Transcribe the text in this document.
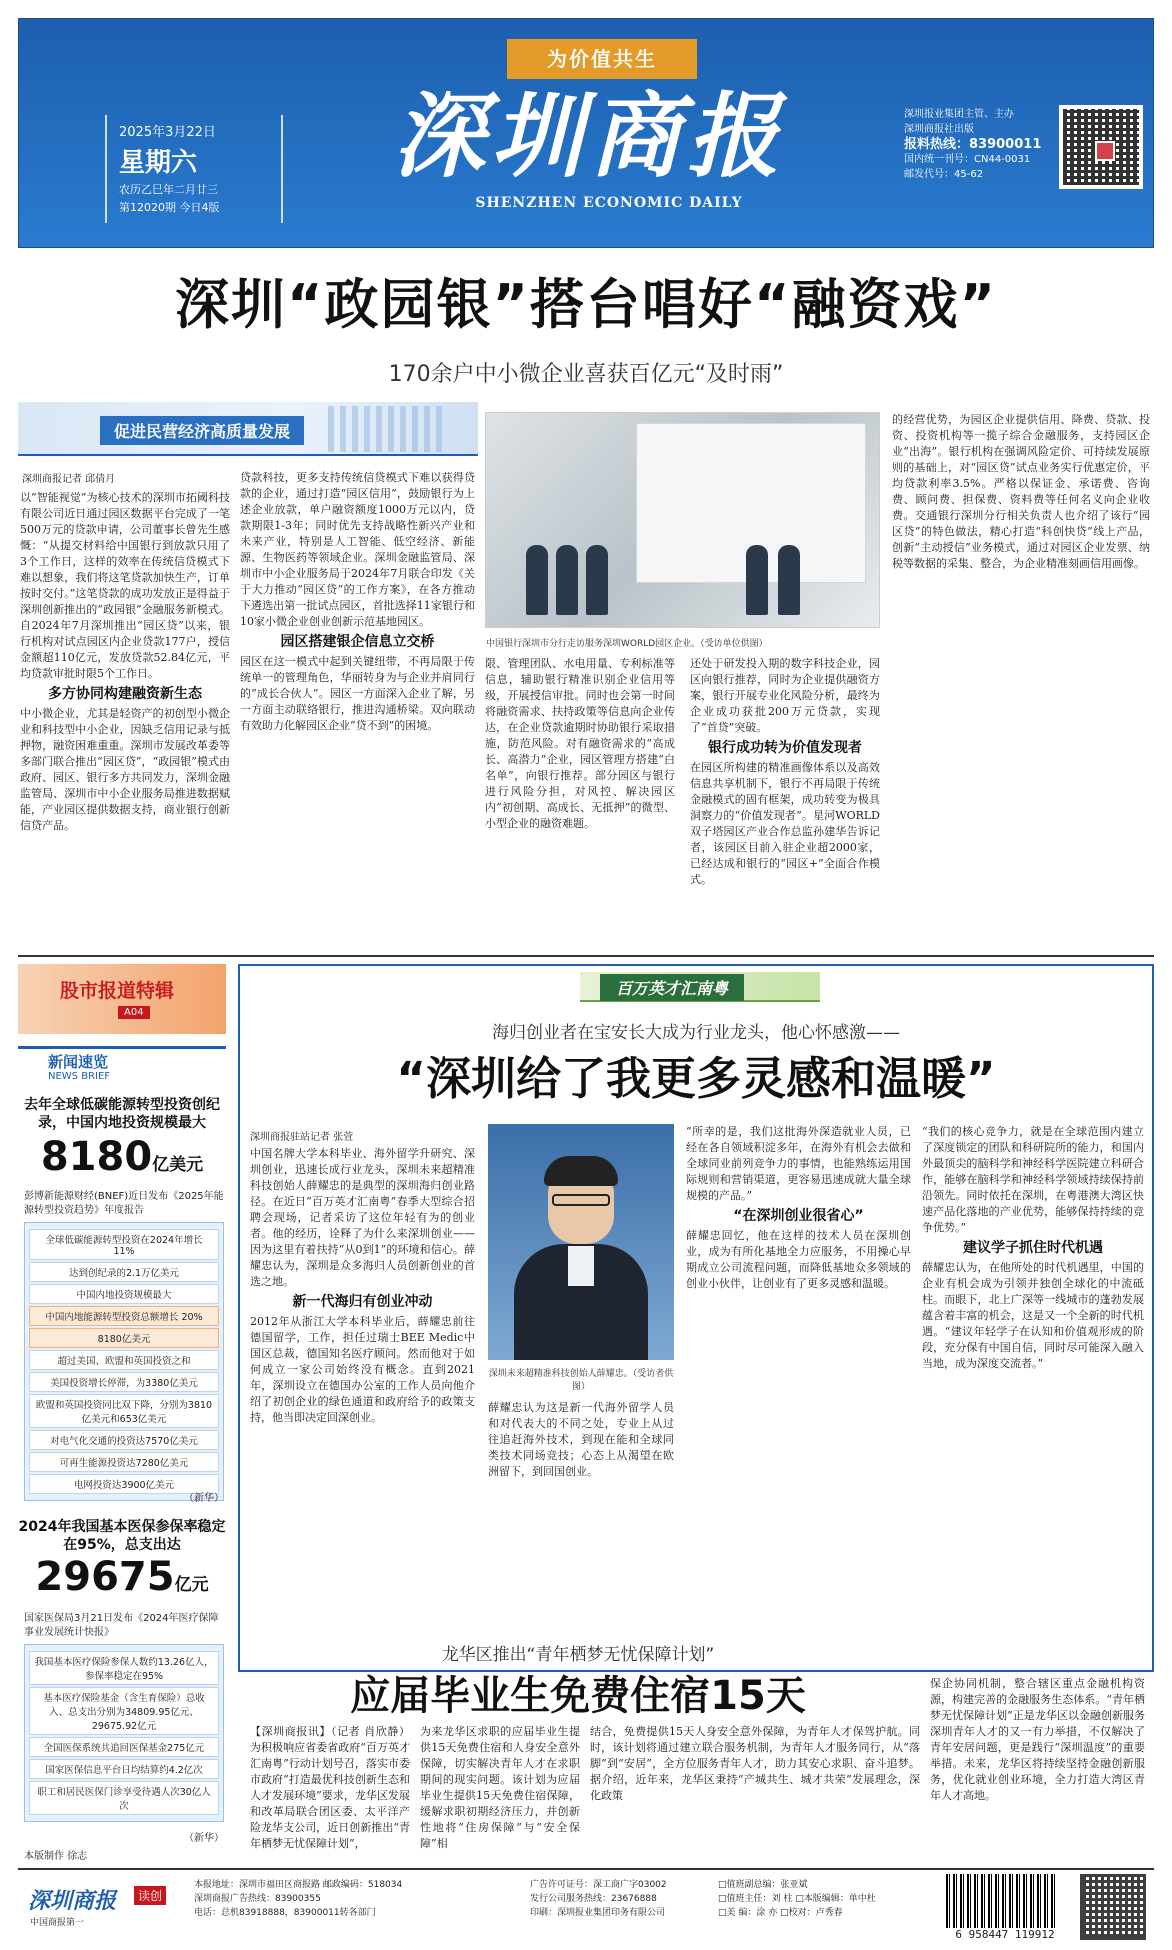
为价值共生
2025年3月22日
星期六
农历乙巳年二月廿三
第12020期 今日4版
深圳商报
SHENZHEN ECONOMIC DAILY
深圳报业集团主管、主办
深圳商报社出版
报料热线：83900011
国内统一刊号：CN44-0031
邮发代号：45-62
深圳“政园银”搭台唱好“融资戏”
170余户中小微企业喜获百亿元“及时雨”
促进民营经济高质量发展
深圳商报记者 邱倩月

以“智能视觉”为核心技术的深圳市拓阈科技有限公司近日通过园区数据平台完成了一笔500万元的贷款申请，公司董事长曾先生感慨：“从提交材料给中国银行到放款只用了3个工作日，这样的效率在传统信贷模式下难以想象，我们将这笔贷款加快生产，订单按时交付。”这笔贷款的成功发放正是得益于深圳创新推出的“政园银”金融服务新模式。自2024年7月深圳推出“园区贷”以来，银行机构对试点园区内企业贷款177户，授信金额超110亿元，发放贷款52.84亿元，平均贷款审批时限5个工作日。

多方协同构建融资新生态

中小微企业，尤其是轻资产的初创型小微企业和科技型中小企业，因缺乏信用记录与抵押物，融资困难重重。深圳市发展改革委等多部门联合推出“园区贷”，“政园银”模式由政府、园区、银行多方共同发力，深圳金融监管局、深圳市中小企业服务局推进数据赋能，产业园区提供数据支持，商业银行创新信贷产品。

贷款科技，更多支持传统信贷模式下难以获得贷款的企业，通过打造“园区信用”，鼓励银行为上述企业放款，单户融资额度1000万元以内，贷款期限1-3年；同时优先支持战略性新兴产业和未来产业，特别是人工智能、低空经济、新能源、生物医药等领域企业。深圳金融监管局、深圳市中小企业服务局于2024年7月联合印发《关于大力推动“园区贷”的工作方案》，在各方推动下遴选出第一批试点园区，首批选择11家银行和10家小微企业创业创新示范基地园区。

园区搭建银企信息立交桥

园区在这一模式中起到关键纽带，不再局限于传统单一的管理角色，华丽转身为与企业并肩同行的“成长合伙人”。园区一方面深入企业了解，另一方面主动联络银行，推进沟通桥梁。双向联动有效助力化解园区企业“贷不到”的困境。

中国银行深圳市分行走访服务深圳WORLD园区企业。（受访单位供图）

限、管理团队、水电用量、专利标准等信息，辅助银行精准识别企业信用等级，开展授信审批。同时也会第一时间将融资需求、扶持政策等信息向企业传达，在企业贷款逾期时协助银行采取措施，防范风险。对有融资需求的“高成长、高潜力”企业，园区管理方搭建“白名单”，向银行推荐。部分园区与银行进行风险分担，对风控、解决园区内“初创期、高成长、无抵押”的微型、小型企业的融资难题。

还处于研发投入期的数字科技企业，园区向银行推荐，同时为企业提供融资方案，银行开展专业化风险分析，最终为企业成功获批200万元贷款，实现了“首贷”突破。

银行成功转为价值发现者

在园区所构建的精准画像体系以及高效信息共享机制下，银行不再局限于传统金融模式的固有框架，成功转变为极具洞察力的“价值发现者”。星河WORLD双子塔园区产业合作总监孙建华告诉记者，该园区目前入驻企业超2000家，已经达成和银行的“园区+”全面合作模式。

的经营优势，为园区企业提供信用、降费、贷款、投资、投资机构等一揽子综合金融服务，支持园区企业“出海”。银行机构在强调风险定价、可持续发展原则的基础上，对“园区贷”试点业务实行优惠定价，平均贷款利率3.5%。严格以保证金、承诺费、咨询费、顾问费、担保费、资料费等任何名义向企业收费。交通银行深圳分行相关负责人也介绍了该行“园区贷”的特色做法，精心打造“科创快贷”线上产品，创新“主动授信”业务模式，通过对园区企业发票、纳税等数据的采集、整合，为企业精准刻画信用画像。

股市报道特辑
A04
新闻速览
NEWS BRIEF
去年全球低碳能源转型投资创纪录，中国内地投资规模最大
8180亿美元
彭博新能源财经(BNEF)近日发布《2025年能源转型投资趋势》年度报告
全球低碳能源转型投资在2024年增长 11%
达到创纪录的2.1万亿美元
中国内地投资规模最大
中国内地能源转型投资总额增长 20%
8180亿美元
超过美国、欧盟和英国投资之和
美国投资增长停滞，为3380亿美元
欧盟和英国投资同比双下降，分别为3810亿美元和653亿美元
对电气化交通的投资达7570亿美元
可再生能源投资达7280亿美元
电网投资达3900亿美元
（新华）
2024年我国基本医保参保率稳定在95%，总支出达
29675亿元
国家医保局3月21日发布《2024年医疗保障事业发展统计快报》
我国基本医疗保险参保人数约13.26亿人，参保率稳定在95%
基本医疗保险基金（含生育保险）总收入、总支出分别为34809.95亿元、29675.92亿元
全国医保系统共追回医保基金275亿元
国家医保信息平台日均结算约4.2亿次
职工和居民医保门诊享受待遇人次30亿人次
（新华）
本版制作 徐志
百万英才汇南粤
海归创业者在宝安长大成为行业龙头，他心怀感激——
“深圳给了我更多灵感和温暖”
深圳商报驻站记者 张萱

中国名牌大学本科毕业、海外留学升研究、深圳创业，迅速长成行业龙头，深圳未来超精准科技创始人薛耀忠的是典型的深圳海归创业路径。在近日“百万英才汇南粤”春季大型综合招聘会现场，记者采访了这位年轻有为的创业者。他的经历，诠释了为什么来深圳创业——因为这里有着扶持“从0到1”的环境和信心。薛耀忠认为，深圳是众多海归人员创新创业的首选之地。

新一代海归有创业冲动

2012年从浙江大学本科毕业后，薛耀忠前往德国留学，工作，担任过瑞士BEE Medic中国区总裁，德国知名医疗顾问。然而他对于如何成立一家公司始终没有概念。直到2021年，深圳设立在德国办公室的工作人员向他介绍了初创企业的绿色通道和政府给予的政策支持，他当即决定回深创业。

深圳未来超精准科技创始人薛耀忠。（受访者供图）

薛耀忠认为这是新一代海外留学人员和对代表大的不同之处，专业上从过往追赶海外技术，到现在能和全球同类技术同场竞技；心态上从渴望在欧洲留下，到回国创业。

“所幸的是，我们这批海外深造就业人员，已经在各自领域积淀多年，在海外有机会去做和全球同业前列竞争力的事情，也能熟练运用国际规则和营销渠道，更容易迅速成就大量全球规模的产品。”

“在深圳创业很省心”

薛耀忠回忆，他在这样的技术人员在深圳创业，成为有所化基地全力应服务，不用操心早期成立公司流程问题，而降低基地众多领域的创业小伙伴，让创业有了更多灵感和温暖。

“我们的核心竞争力，就是在全球范围内建立了深度锁定的团队和科研院所的能力，和国内外最顶尖的脑科学和神经科学医院建立科研合作，能够在脑科学和神经科学领域持续保持前沿领先。同时依托在深圳，在粤港澳大湾区快速产品化落地的产业优势，能够保持持续的竞争优势。”

建议学子抓住时代机遇

薛耀忠认为，在他所处的时代机遇里，中国的企业有机会成为引领并独创全球化的中流砥柱。而眼下，北上广深等一线城市的蓬勃发展蕴含着丰富的机会，这是又一个全新的时代机遇。“建议年轻学子在认知和价值观形成的阶段，充分保有中国自信，同时尽可能深入融入当地，成为深度交流者。”

龙华区推出“青年栖梦无忧保障计划”
应届毕业生免费住宿15天

【深圳商报讯】（记者 肖欣静）为积极响应省委省政府“百万英才汇南粤”行动计划号召，落实市委市政府“打造最优科技创新生态和人才发展环境”要求，龙华区发展和改革局联合团区委、太平洋产险龙华支公司，近日创新推出“青年栖梦无忧保障计划”，

为来龙华区求职的应届毕业生提供15天免费住宿和人身安全意外保障，切实解决青年人才在求职期间的现实问题。该计划为应届毕业生提供15天免费住宿保障，缓解求职初期经济压力，并创新性地将“住房保障”与“安全保障”相

结合，免费提供15天人身安全意外保障，为青年人才保驾护航。同时，该计划将通过建立联合服务机制，为青年人才服务同行，从“落脚”到“安居”，全方位服务青年人才，助力其安心求职、奋斗追梦。据介绍，近年来，龙华区秉持“产城共生、城才共荣”发展理念，深化政策

保企协同机制，整合辖区重点金融机构资源，构建完善的金融服务生态体系。“青年栖梦无忧保障计划”正是龙华区以金融创新服务深圳青年人才的又一有力举措，不仅解决了青年安居问题，更是践行“深圳温度”的重要举措。未来，龙华区将持续坚持金融创新服务，优化就业创业环境，全力打造大湾区青年人才高地。

深圳商报	读创
中国商报第一
本报地址：深圳市福田区商报路 邮政编码：518034
深圳商报广告热线：83900355
电话：总机83918888，83900011转各部门
广告许可证号：深工商广字03002
发行公司服务热线：23676888
印刷：深圳报业集团印务有限公司
□值班副总编：张亚斌
□值班主任：刘 柱 □本版编辑：单中杜
□美 编：涂 亦 □校对：卢秀春
6 958447 119912
